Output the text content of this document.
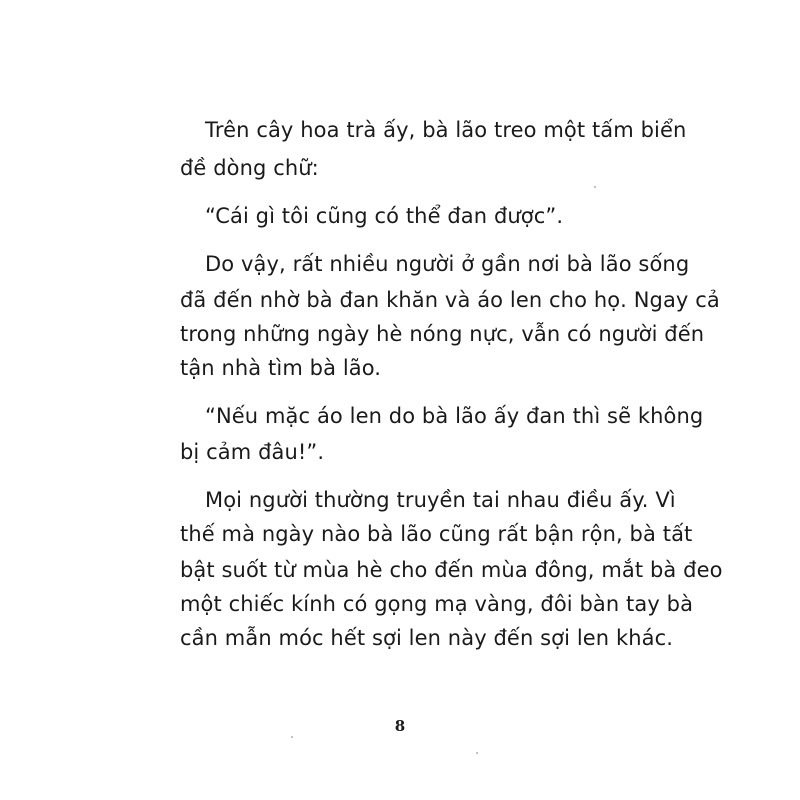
Trên cây hoa trà ấy, bà lão treo một tấm biển
đề dòng chữ:
“Cái gì tôi cũng có thể đan được”.
Do vậy, rất nhiều người ở gần nơi bà lão sống
đã đến nhờ bà đan khăn và áo len cho họ. Ngay cả
trong những ngày hè nóng nực, vẫn có người đến
tận nhà tìm bà lão.
“Nếu mặc áo len do bà lão ấy đan thì sẽ không
bị cảm đâu!”.
Mọi người thường truyền tai nhau điều ấy. Vì
thế mà ngày nào bà lão cũng rất bận rộn, bà tất
bật suốt từ mùa hè cho đến mùa đông, mắt bà đeo
một chiếc kính có gọng mạ vàng, đôi bàn tay bà
cần mẫn móc hết sợi len này đến sợi len khác.
8
